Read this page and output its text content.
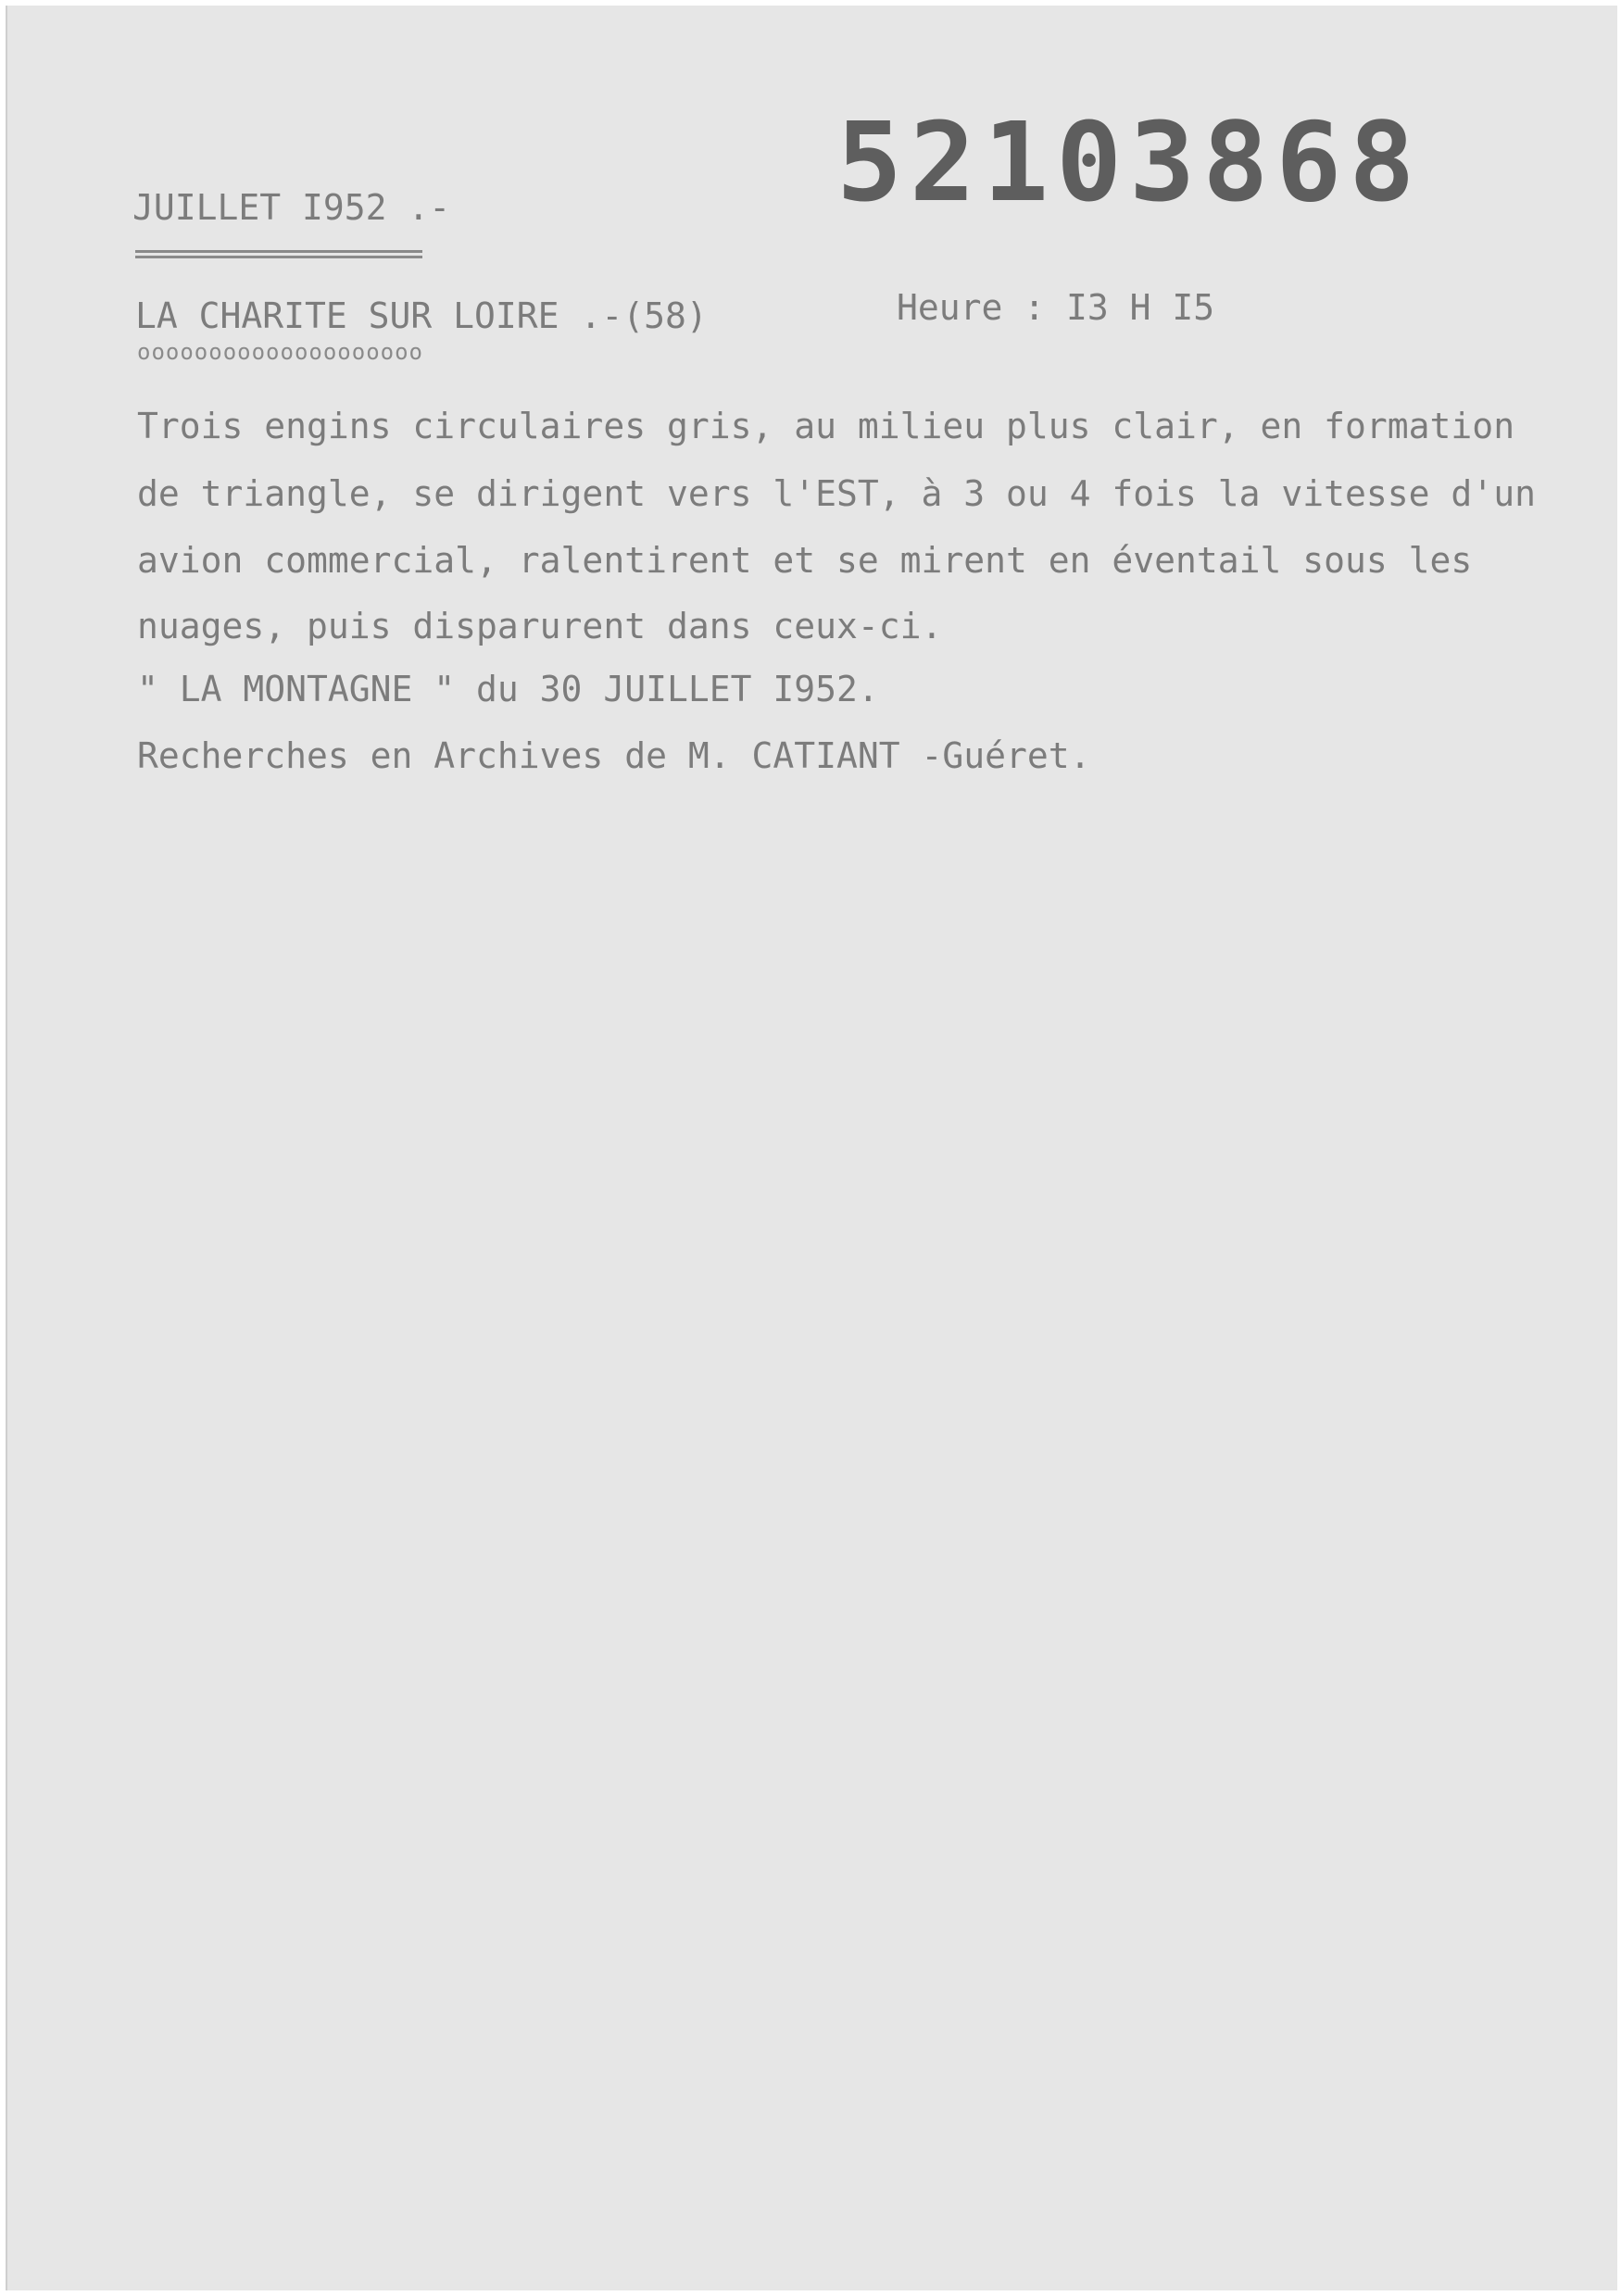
52103868
JUILLET I952 .-
LA CHARITE SUR LOIRE .-(58)
oooooooooooooooooooo
Heure : I3 H I5
Trois engins circulaires gris, au milieu plus clair, en formation
de triangle, se dirigent vers l'EST, à 3 ou 4 fois la vitesse d'un
avion commercial, ralentirent et se mirent en éventail sous les
nuages, puis disparurent dans ceux-ci.
" LA MONTAGNE " du 30 JUILLET I952.
Recherches en Archives de M. CATIANT -Guéret.
